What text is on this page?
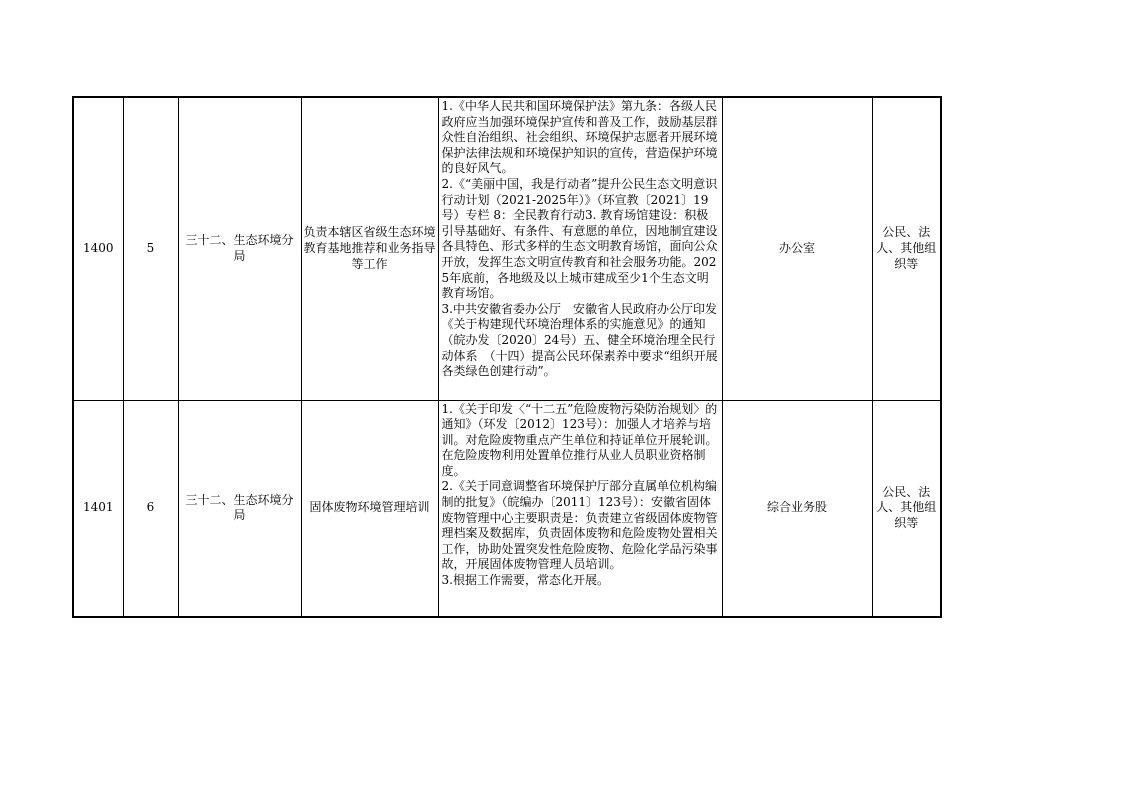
1400	5	三十二、生态环境分局	负责本辖区省级生态环境教育基地推荐和业务指导等工作	1.《中华人民共和国环境保护法》第九条：各级人民政府应当加强环境保护宣传和普及工作，鼓励基层群众性自治组织、社会组织、环境保护志愿者开展环境保护法律法规和环境保护知识的宣传，营造保护环境的良好风气。
2.《“美丽中国，我是行动者”提升公民生态文明意识行动计划（2021-2025年）》（环宣教〔2021〕19号）专栏 8：全民教育行动3. 教育场馆建设：积极引导基础好、有条件、有意愿的单位，因地制宜建设各具特色、形式多样的生态文明教育场馆，面向公众开放，发挥生态文明宣传教育和社会服务功能。2025年底前，各地级及以上城市建成至少1个生态文明教育场馆。
3.中共安徽省委办公厅　安徽省人民政府办公厅印发《关于构建现代环境治理体系的实施意见》的通知（皖办发〔2020〕24号）五、健全环境治理全民行动体系　（十四）提高公民环保素养中要求“组织开展各类绿色创建行动”。	办公室	公民、法人、其他组织等
1401	6	三十二、生态环境分局	固体废物环境管理培训	1.《关于印发〈“十二五”危险废物污染防治规划〉的通知》（环发〔2012〕123号）：加强人才培养与培训。对危险废物重点产生单位和持证单位开展轮训。在危险废物利用处置单位推行从业人员职业资格制度。
2.《关于同意调整省环境保护厅部分直属单位机构编制的批复》（皖编办〔2011〕123号）：安徽省固体废物管理中心主要职责是：负责建立省级固体废物管理档案及数据库，负责固体废物和危险废物处置相关工作，协助处置突发性危险废物、危险化学品污染事故，开展固体废物管理人员培训。
3.根据工作需要，常态化开展。	综合业务股	公民、法人、其他组织等
